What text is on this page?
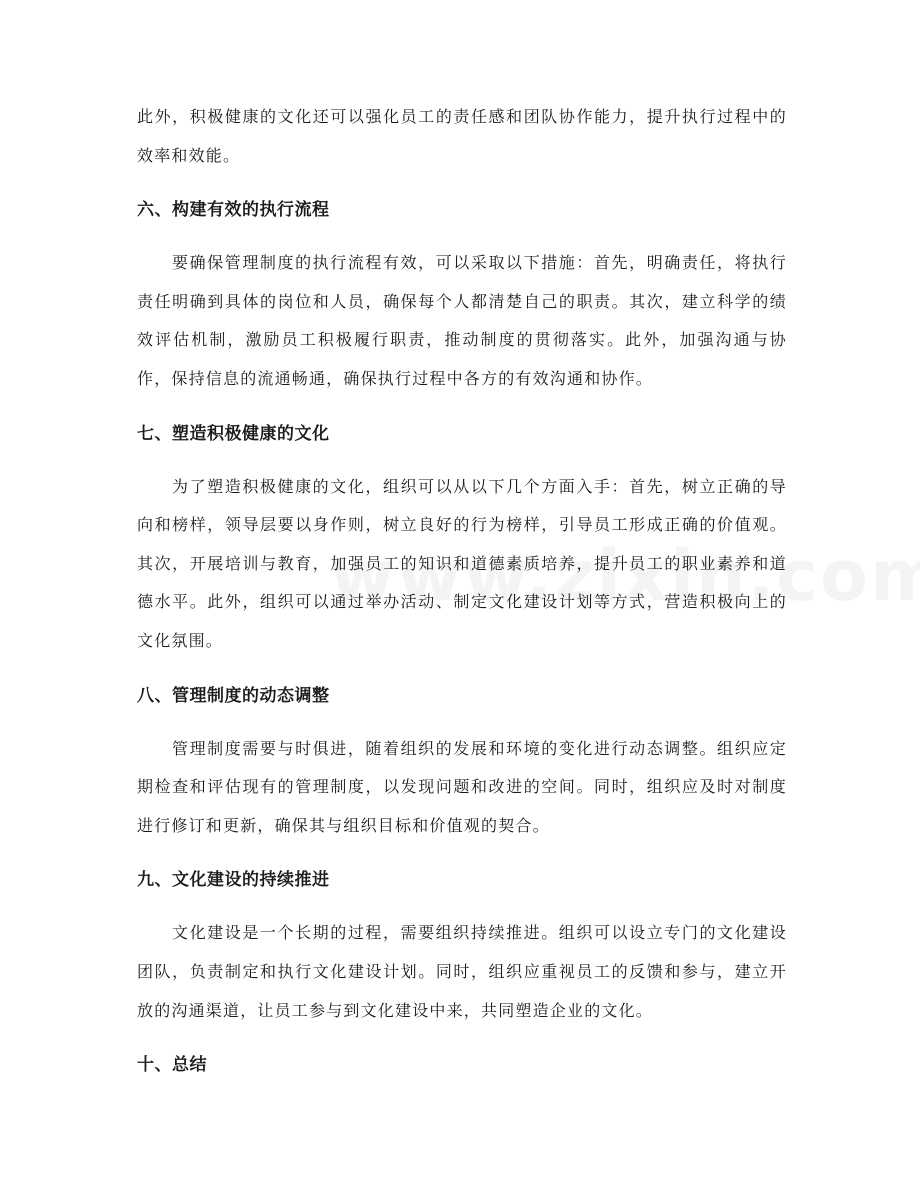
此外，积极健康的文化还可以强化员工的责任感和团队协作能力，提升执行过程中的效率和效能。

六、构建有效的执行流程

要确保管理制度的执行流程有效，可以采取以下措施：首先，明确责任，将执行责任明确到具体的岗位和人员，确保每个人都清楚自己的职责。其次，建立科学的绩效评估机制，激励员工积极履行职责，推动制度的贯彻落实。此外，加强沟通与协作，保持信息的流通畅通，确保执行过程中各方的有效沟通和协作。

七、塑造积极健康的文化

为了塑造积极健康的文化，组织可以从以下几个方面入手：首先，树立正确的导向和榜样，领导层要以身作则，树立良好的行为榜样，引导员工形成正确的价值观。其次，开展培训与教育，加强员工的知识和道德素质培养，提升员工的职业素养和道德水平。此外，组织可以通过举办活动、制定文化建设计划等方式，营造积极向上的文化氛围。

八、管理制度的动态调整

管理制度需要与时俱进，随着组织的发展和环境的变化进行动态调整。组织应定期检查和评估现有的管理制度，以发现问题和改进的空间。同时，组织应及时对制度进行修订和更新，确保其与组织目标和价值观的契合。

九、文化建设的持续推进

文化建设是一个长期的过程，需要组织持续推进。组织可以设立专门的文化建设团队，负责制定和执行文化建设计划。同时，组织应重视员工的反馈和参与，建立开放的沟通渠道，让员工参与到文化建设中来，共同塑造企业的文化。

十、总结
